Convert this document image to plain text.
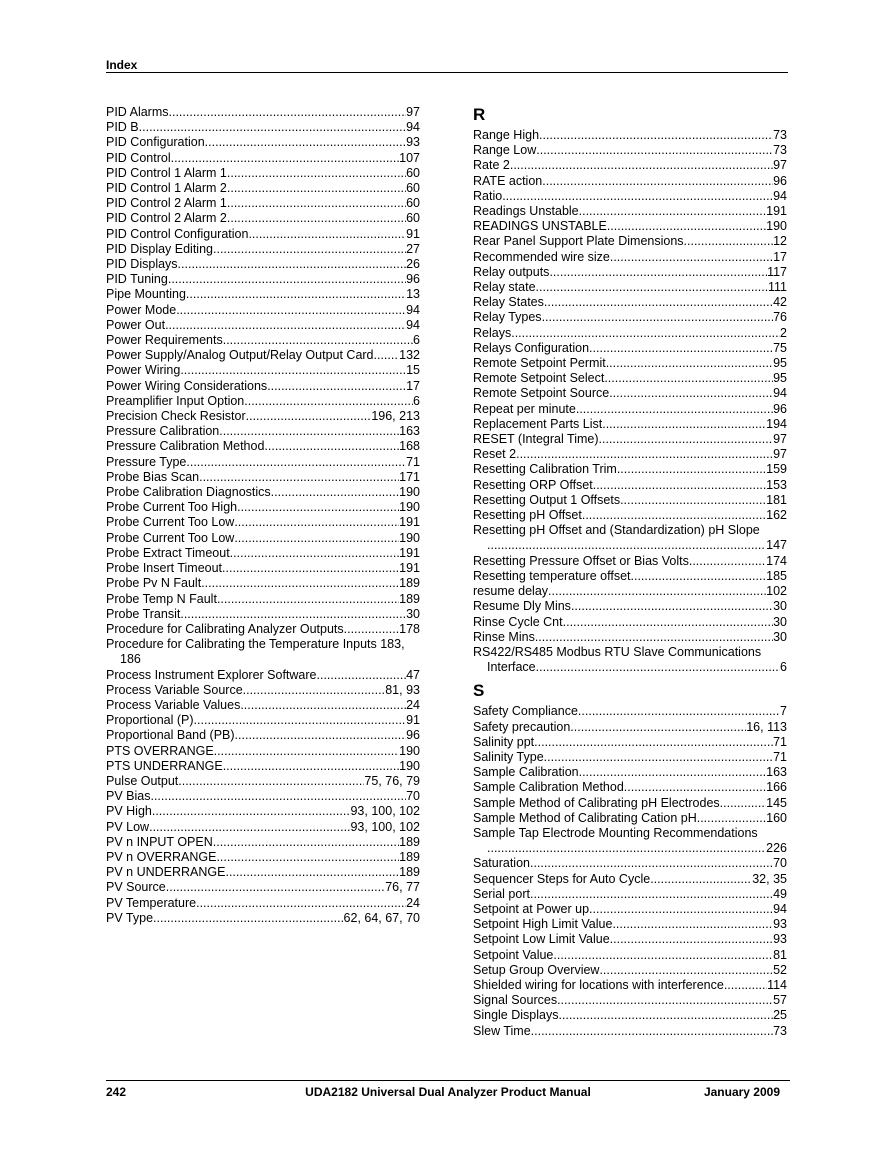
Index
PID Alarms .....	97
PID B .....	94
PID Configuration .....	93
PID Control .....	107
PID Control 1 Alarm 1 .....	60
PID Control 1 Alarm 2 .....	60
PID Control 2 Alarm 1 .....	60
PID Control 2 Alarm 2 .....	60
PID Control Configuration .....	91
PID Display Editing .....	27
PID Displays .....	26
PID Tuning .....	96
Pipe Mounting .....	13
Power Mode .....	94
Power Out .....	94
Power Requirements .....	6
Power Supply/Analog Output/Relay Output Card ..... 132
Power Wiring .....	15
Power Wiring Considerations .....	17
Preamplifier Input Option .....	6
Precision Check Resistor .....	196, 213
Pressure Calibration .....	163
Pressure Calibration Method .....	168
Pressure Type .....	71
Probe Bias Scan .....	171
Probe Calibration Diagnostics .....	190
Probe Current Too High .....	190
Probe Current Too Low .....	191
Probe Current Too Low .....	190
Probe Extract Timeout .....	191
Probe Insert Timeout .....	191
Probe Pv N Fault .....	189
Probe Temp N Fault .....	189
Probe Transit .....	30
Procedure for Calibrating Analyzer Outputs .....	178
Procedure for Calibrating the Temperature Inputs 183,
186
Process Instrument Explorer Software .....	47
Process Variable Source .....	81, 93
Process Variable Values .....	24
Proportional (P) .....	91
Proportional Band (PB) .....	96
PTS OVERRANGE .....	190
PTS UNDERRANGE .....	190
Pulse Output .....	75, 76, 79
PV Bias .....	70
PV High .....	93, 100, 102
PV Low .....	93, 100, 102
PV n INPUT OPEN .....	189
PV n OVERRANGE .....	189
PV n UNDERRANGE .....	189
PV Source .....	76, 77
PV Temperature .....	24
PV Type .....	62, 64, 67, 70
R
Range High .....	73
Range Low .....	73
Rate 2 .....	97
RATE action .....	96
Ratio .....	94
Readings Unstable .....	191
READINGS UNSTABLE .....	190
Rear Panel Support Plate Dimensions .....	12
Recommended wire size .....	17
Relay outputs .....	117
Relay state .....	111
Relay States .....	42
Relay Types .....	76
Relays .....	2
Relays Configuration .....	75
Remote Setpoint Permit .....	95
Remote Setpoint Select .....	95
Remote Setpoint Source .....	94
Repeat per minute .....	96
Replacement Parts List .....	194
RESET (Integral Time) .....	97
Reset 2 .....	97
Resetting Calibration Trim .....	159
Resetting ORP Offset .....	153
Resetting Output 1 Offsets .....	181
Resetting pH Offset .....	162
Resetting pH Offset and (Standardization) pH Slope
.....
147
Resetting Pressure Offset or Bias Volts .....	174
Resetting temperature offset .....	185
resume delay .....	102
Resume Dly Mins .....	30
Rinse Cycle Cnt .....	30
Rinse Mins .....	30
RS422/RS485 Modbus RTU Slave Communications
Interface .....	6
S
Safety Compliance .....	7
Safety precaution .....	16, 113
Salinity ppt .....	71
Salinity Type .....	71
Sample Calibration .....	163
Sample Calibration Method .....	166
Sample Method of Calibrating pH Electrodes .....	145
Sample Method of Calibrating Cation pH .....	160
Sample Tap Electrode Mounting Recommendations
.....
226
Saturation .....	70
Sequencer Steps for Auto Cycle .....	32, 35
Serial port .....	49
Setpoint at Power up .....	94
Setpoint High Limit Value .....	93
Setpoint Low Limit Value .....	93
Setpoint Value .....	81
Setup Group Overview .....	52
Shielded wiring for locations with interference .....	114
Signal Sources .....	57
Single Displays .....	25
Slew Time .....	73
242	UDA2182 Universal Dual Analyzer Product Manual	January 2009
